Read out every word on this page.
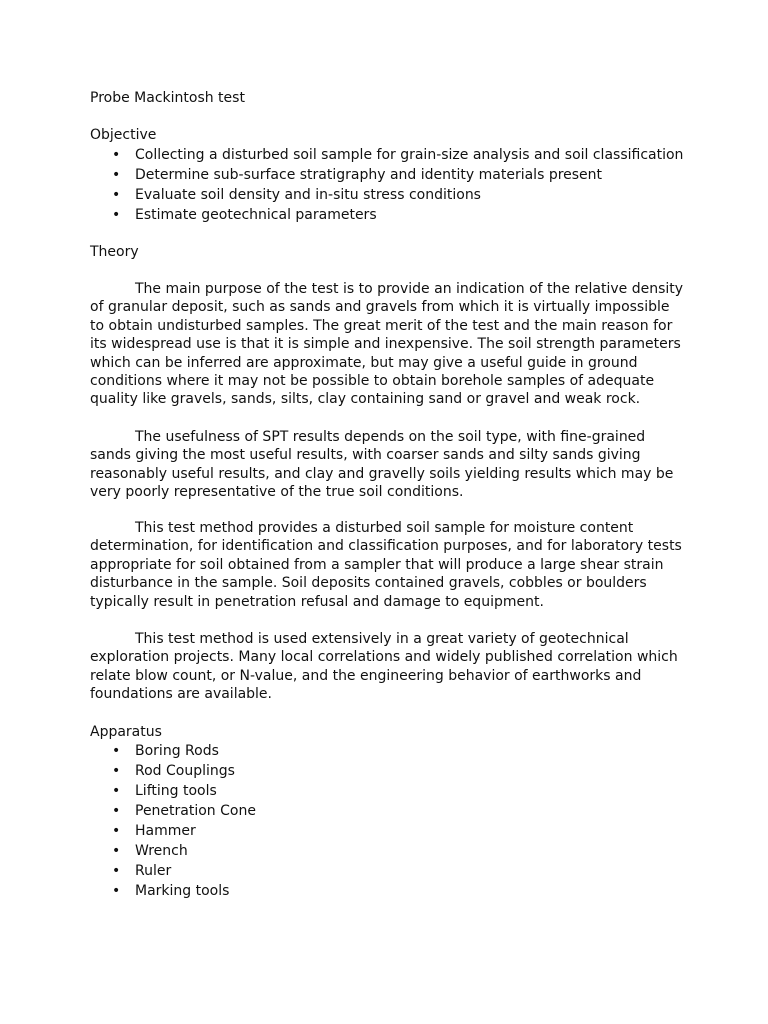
Probe Mackintosh test
Objective
• Collecting a disturbed soil sample for grain-size analysis and soil classification
• Determine sub-surface stratigraphy and identity materials present
• Evaluate soil density and in-situ stress conditions
• Estimate geotechnical parameters
Theory

The main purpose of the test is to provide an indication of the relative density
of granular deposit, such as sands and gravels from which it is virtually impossible
to obtain undisturbed samples. The great merit of the test and the main reason for
its widespread use is that it is simple and inexpensive. The soil strength parameters
which can be inferred are approximate, but may give a useful guide in ground
conditions where it may not be possible to obtain borehole samples of adequate
quality like gravels, sands, silts, clay containing sand or gravel and weak rock.

The usefulness of SPT results depends on the soil type, with fine-grained
sands giving the most useful results, with coarser sands and silty sands giving
reasonably useful results, and clay and gravelly soils yielding results which may be
very poorly representative of the true soil conditions.

This test method provides a disturbed soil sample for moisture content
determination, for identification and classification purposes, and for laboratory tests
appropriate for soil obtained from a sampler that will produce a large shear strain
disturbance in the sample. Soil deposits contained gravels, cobbles or boulders
typically result in penetration refusal and damage to equipment.

This test method is used extensively in a great variety of geotechnical
exploration projects. Many local correlations and widely published correlation which
relate blow count, or N-value, and the engineering behavior of earthworks and
foundations are available.

Apparatus
• Boring Rods
• Rod Couplings
• Lifting tools
• Penetration Cone
• Hammer
• Wrench
• Ruler
• Marking tools
